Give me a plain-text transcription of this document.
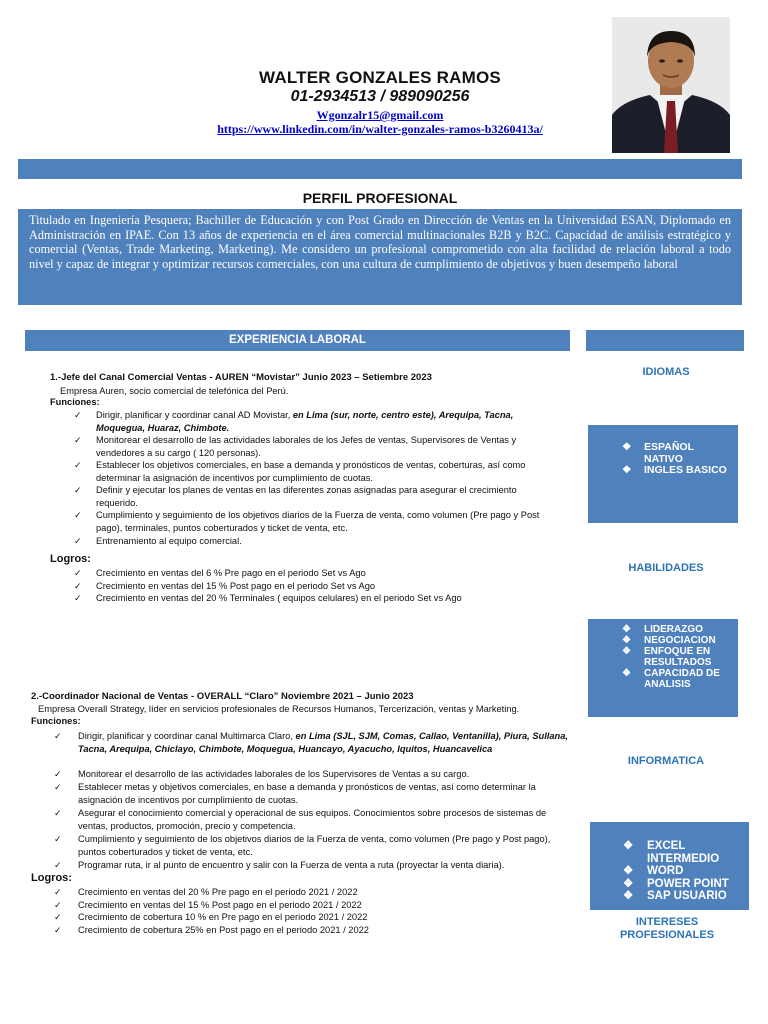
WALTER GONZALES RAMOS
01-2934513 / 989090256
Wgonzalr15@gmail.com
https://www.linkedin.com/in/walter-gonzales-ramos-b3260413a/
PERFIL PROFESIONAL
Titulado en Ingeniería Pesquera; Bachiller de Educación y con Post Grado en Dirección de Ventas en la Universidad ESAN, Diplomado en Administración en IPAE. Con 13 años de experiencia en el área comercial multinacionales B2B y B2C. Capacidad de análisis estratégico y comercial (Ventas, Trade Marketing, Marketing). Me considero un profesional comprometido con alta facilidad de relación laboral a todo nivel y capaz de integrar y optimizar recursos comerciales, con una cultura de cumplimiento de objetivos y buen desempeño laboral
EXPERIENCIA LABORAL
1.-Jefe del Canal Comercial Ventas - AUREN “Movistar” Junio 2023 – Setiembre 2023
Empresa Auren, socio comercial de telefónica del Perú.
Funciones:
✓ Dirigir, planificar y coordinar canal AD Movistar, en Lima (sur, norte, centro este), Arequipa, Tacna, Moquegua, Huaraz, Chimbote.
✓ Monitorear el desarrollo de las actividades laborales de los Jefes de ventas, Supervisores de Ventas y vendedores a su cargo ( 120 personas).
✓ Establecer los objetivos comerciales, en base a demanda y pronósticos de ventas, coberturas, así como determinar la asignación de incentivos por cumplimiento de cuotas.
✓ Definir y ejecutar los planes de ventas en las diferentes zonas asignadas para asegurar el crecimiento requerido.
✓ Cumplimiento y seguimiento de los objetivos diarios de la Fuerza de venta, como volumen (Pre pago y Post pago), terminales, puntos coberturados y ticket de venta, etc.
✓ Entrenamiento al equipo comercial.
Logros:
✓ Crecimiento en ventas del 6 % Pre pago en el periodo Set vs Ago
✓ Crecimiento en ventas del 15 % Post pago en el periodo Set vs Ago
✓ Crecimiento en ventas del 20 % Terminales ( equipos celulares) en el periodo Set vs Ago
2.-Coordinador Nacional de Ventas - OVERALL “Claro” Noviembre 2021 – Junio 2023
Empresa Overall Strategy, líder en servicios profesionales de Recursos Humanos, Tercerización, ventas y Marketing.
Funciones:
✓ Dirigir, planificar y coordinar canal Multimarca Claro, en Lima (SJL, SJM, Comas, Callao, Ventanilla), Piura, Sullana, Tacna, Arequipa, Chiclayo, Chimbote, Moquegua, Huancayo, Ayacucho, Iquitos, Huancavelica
✓ Monitorear el desarrollo de las actividades laborales de los Supervisores de Ventas a su cargo.
✓ Establecer metas y objetivos comerciales, en base a demanda y pronósticos de ventas, así como determinar la asignación de incentivos por cumplimiento de cuotas.
✓ Asegurar el conocimiento comercial y operacional de sus equipos. Conocimientos sobre procesos de sistemas de ventas, productos, promoción, precio y competencia.
✓ Cumplimiento y seguimiento de los objetivos diarios de la Fuerza de venta, como volumen (Pre pago y Post pago), puntos coberturados y ticket de venta, etc.
✓ Programar ruta, ir al punto de encuentro y salir con la Fuerza de venta a ruta (proyectar la venta diaria).
Logros:
✓ Crecimiento en ventas del 20 % Pre pago en el periodo 2021 / 2022
✓ Crecimiento en ventas del 15 % Post pago en el periodo 2021 / 2022
✓ Crecimiento de cobertura 10 % en Pre pago en el periodo 2021 / 2022
✓ Crecimiento de cobertura 25% en Post pago en el periodo 2021 / 2022
IDIOMAS
❖ ESPAÑOL NATIVO
❖ INGLES BASICO
HABILIDADES
❖ LIDERAZGO
❖ NEGOCIACION
❖ ENFOQUE EN RESULTADOS
❖ CAPACIDAD DE ANALISIS
INFORMATICA
❖ EXCEL INTERMEDIO
❖ WORD
❖ POWER POINT
❖ SAP USUARIO
INTERESES PROFESIONALES
